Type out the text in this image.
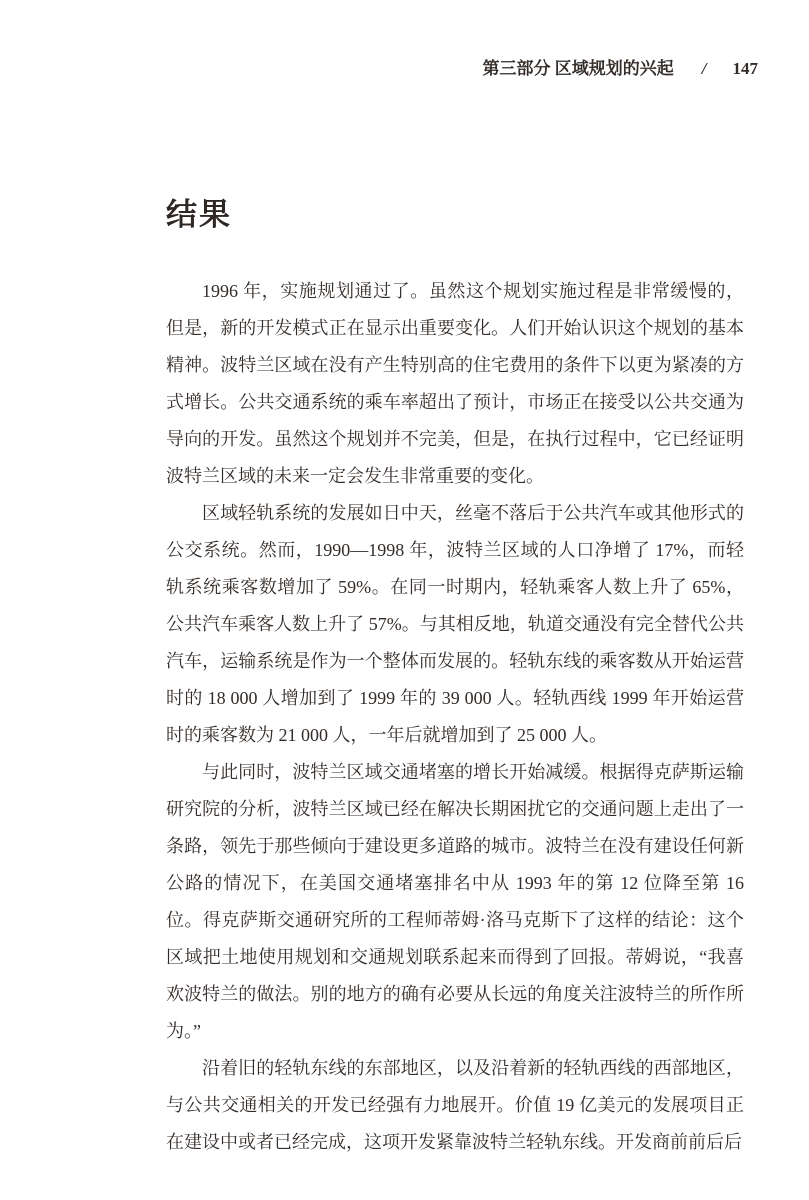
第三部分 区域规划的兴起 / 147
结果

1996 年，实施规划通过了。虽然这个规划实施过程是非常缓慢的，但是，新的开发模式正在显示出重要变化。人们开始认识这个规划的基本精神。波特兰区域在没有产生特别高的住宅费用的条件下以更为紧凑的方式增长。公共交通系统的乘车率超出了预计，市场正在接受以公共交通为导向的开发。虽然这个规划并不完美，但是，在执行过程中，它已经证明波特兰区域的未来一定会发生非常重要的变化。

区域轻轨系统的发展如日中天，丝毫不落后于公共汽车或其他形式的公交系统。然而，1990—1998 年，波特兰区域的人口净增了 17%，而轻轨系统乘客数增加了 59%。在同一时期内，轻轨乘客人数上升了 65%，公共汽车乘客人数上升了 57%。与其相反地，轨道交通没有完全替代公共汽车，运输系统是作为一个整体而发展的。轻轨东线的乘客数从开始运营时的 18 000 人增加到了 1999 年的 39 000 人。轻轨西线 1999 年开始运营时的乘客数为 21 000 人，一年后就增加到了 25 000 人。

与此同时，波特兰区域交通堵塞的增长开始减缓。根据得克萨斯运输研究院的分析，波特兰区域已经在解决长期困扰它的交通问题上走出了一条路，领先于那些倾向于建设更多道路的城市。波特兰在没有建设任何新公路的情况下，在美国交通堵塞排名中从 1993 年的第 12 位降至第 16 位。得克萨斯交通研究所的工程师蒂姆·洛马克斯下了这样的结论：这个区域把土地使用规划和交通规划联系起来而得到了回报。蒂姆说，“我喜欢波特兰的做法。别的地方的确有必要从长远的角度关注波特兰的所作所为。”

沿着旧的轻轨东线的东部地区，以及沿着新的轻轨西线的西部地区，与公共交通相关的开发已经强有力地展开。价值 19 亿美元的发展项目正在建设中或者已经完成，这项开发紧靠波特兰轻轨东线。开发商前前后后
